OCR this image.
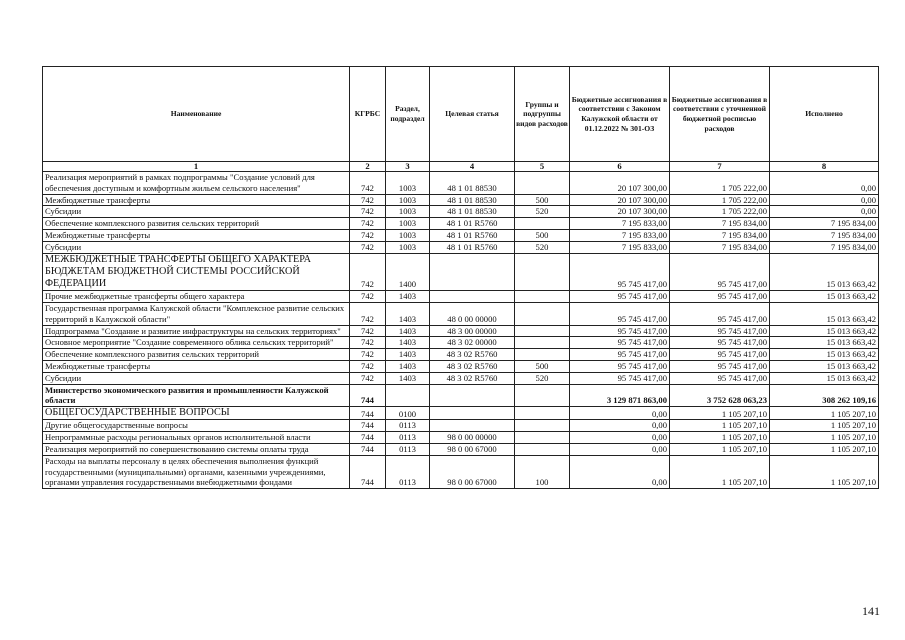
Наименование	КГРБС	Раздел, подраздел	Целевая статья	Группы и подгруппы видов расходов	Бюджетные ассигнования в соответствии с Законом Калужской области от 01.12.2022 № 301-ОЗ	Бюджетные ассигнования в соответствии с уточненной бюджетной росписью расходов	Исполнено
1	2	3	4	5	6	7	8
Реализация мероприятий в рамках подпрограммы "Создание условий для обеспечения доступным и комфортным жильем сельского населения"	742	1003	48 1 01 88530		20 107 300,00	1 705 222,00	0,00
Межбюджетные трансферты	742	1003	48 1 01 88530	500	20 107 300,00	1 705 222,00	0,00
Субсидии	742	1003	48 1 01 88530	520	20 107 300,00	1 705 222,00	0,00
Обеспечение комплексного развития сельских территорий	742	1003	48 1 01 R5760		7 195 833,00	7 195 834,00	7 195 834,00
Межбюджетные трансферты	742	1003	48 1 01 R5760	500	7 195 833,00	7 195 834,00	7 195 834,00
Субсидии	742	1003	48 1 01 R5760	520	7 195 833,00	7 195 834,00	7 195 834,00
МЕЖБЮДЖЕТНЫЕ ТРАНСФЕРТЫ ОБЩЕГО ХАРАКТЕРА БЮДЖЕТАМ БЮДЖЕТНОЙ СИСТЕМЫ РОССИЙСКОЙ ФЕДЕРАЦИИ	742	1400			95 745 417,00	95 745 417,00	15 013 663,42
Прочие межбюджетные трансферты общего характера	742	1403			95 745 417,00	95 745 417,00	15 013 663,42
Государственная программа Калужской области "Комплексное развитие сельских территорий в Калужской области"	742	1403	48 0 00 00000		95 745 417,00	95 745 417,00	15 013 663,42
Подпрограмма "Создание и развитие инфраструктуры на сельских территориях"	742	1403	48 3 00 00000		95 745 417,00	95 745 417,00	15 013 663,42
Основное мероприятие "Создание современного облика сельских территорий"	742	1403	48 3 02 00000		95 745 417,00	95 745 417,00	15 013 663,42
Обеспечение комплексного развития сельских территорий	742	1403	48 3 02 R5760		95 745 417,00	95 745 417,00	15 013 663,42
Межбюджетные трансферты	742	1403	48 3 02 R5760	500	95 745 417,00	95 745 417,00	15 013 663,42
Субсидии	742	1403	48 3 02 R5760	520	95 745 417,00	95 745 417,00	15 013 663,42
Министерство экономического развития и промышленности Калужской области	744				3 129 871 863,00	3 752 628 063,23	308 262 109,16
ОБЩЕГОСУДАРСТВЕННЫЕ ВОПРОСЫ	744	0100			0,00	1 105 207,10	1 105 207,10
Другие общегосударственные вопросы	744	0113			0,00	1 105 207,10	1 105 207,10
Непрограммные расходы региональных органов исполнительной власти	744	0113	98 0 00 00000		0,00	1 105 207,10	1 105 207,10
Реализация мероприятий по совершенствованию системы оплаты труда	744	0113	98 0 00 67000		0,00	1 105 207,10	1 105 207,10
Расходы на выплаты персоналу в целях обеспечения выполнения функций государственными (муниципальными) органами, казенными учреждениями, органами управления государственными внебюджетными фондами	744	0113	98 0 00 67000	100	0,00	1 105 207,10	1 105 207,10
141
